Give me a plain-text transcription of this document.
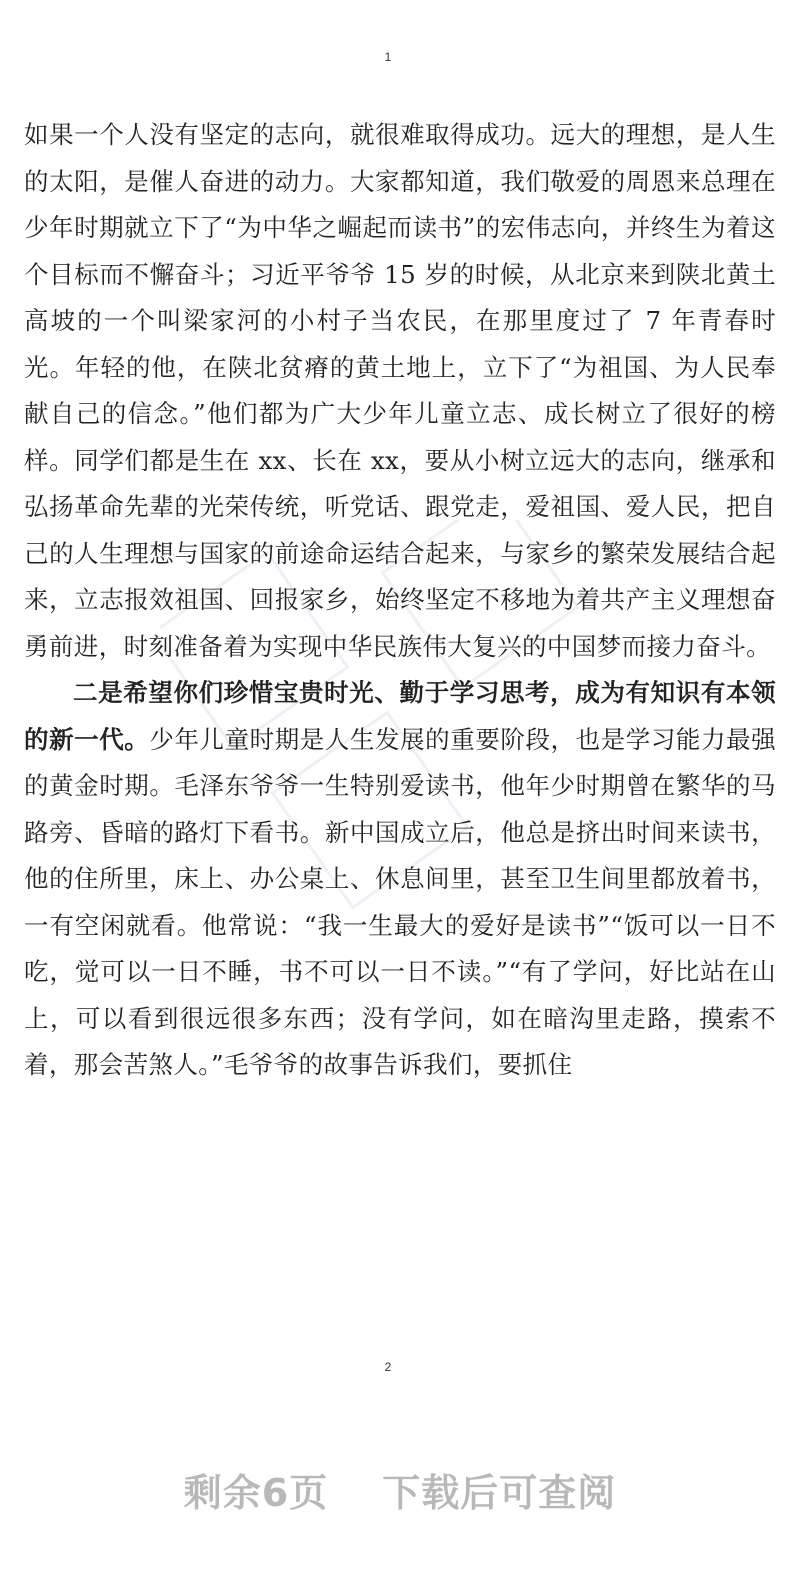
1

如果一个人没有坚定的志向，就很难取得成功。远大的理想，是人生的太阳，是催人奋进的动力。大家都知道，我们敬爱的周恩来总理在少年时期就立下了“为中华之崛起而读书”的宏伟志向，并终生为着这个目标而不懈奋斗；习近平爷爷 15 岁的时候，从北京来到陕北黄土高坡的一个叫梁家河的小村子当农民，在那里度过了 7 年青春时光。年轻的他，在陕北贫瘠的黄土地上，立下了“为祖国、为人民奉献自己的信念。”他们都为广大少年儿童立志、成长树立了很好的榜样。同学们都是生在 xx、长在 xx，要从小树立远大的志向，继承和弘扬革命先辈的光荣传统，听党话、跟党走，爱祖国、爱人民，把自己的人生理想与国家的前途命运结合起来，与家乡的繁荣发展结合起来，立志报效祖国、回报家乡，始终坚定不移地为着共产主义理想奋勇前进，时刻准备着为实现中华民族伟大复兴的中国梦而接力奋斗。

二是希望你们珍惜宝贵时光、勤于学习思考，成为有知识有本领的新一代。少年儿童时期是人生发展的重要阶段，也是学习能力最强的黄金时期。毛泽东爷爷一生特别爱读书，他年少时期曾在繁华的马路旁、昏暗的路灯下看书。新中国成立后，他总是挤出时间来读书，他的住所里，床上、办公桌上、休息间里，甚至卫生间里都放着书，一有空闲就看。他常说：“我一生最大的爱好是读书”“饭可以一日不吃，觉可以一日不睡，书不可以一日不读。”“有了学问，好比站在山上，可以看到很远很多东西；没有学问，如在暗沟里走路，摸索不着，那会苦煞人。”毛爷爷的故事告诉我们，要抓住

2
剩余6页 下载后可查阅
